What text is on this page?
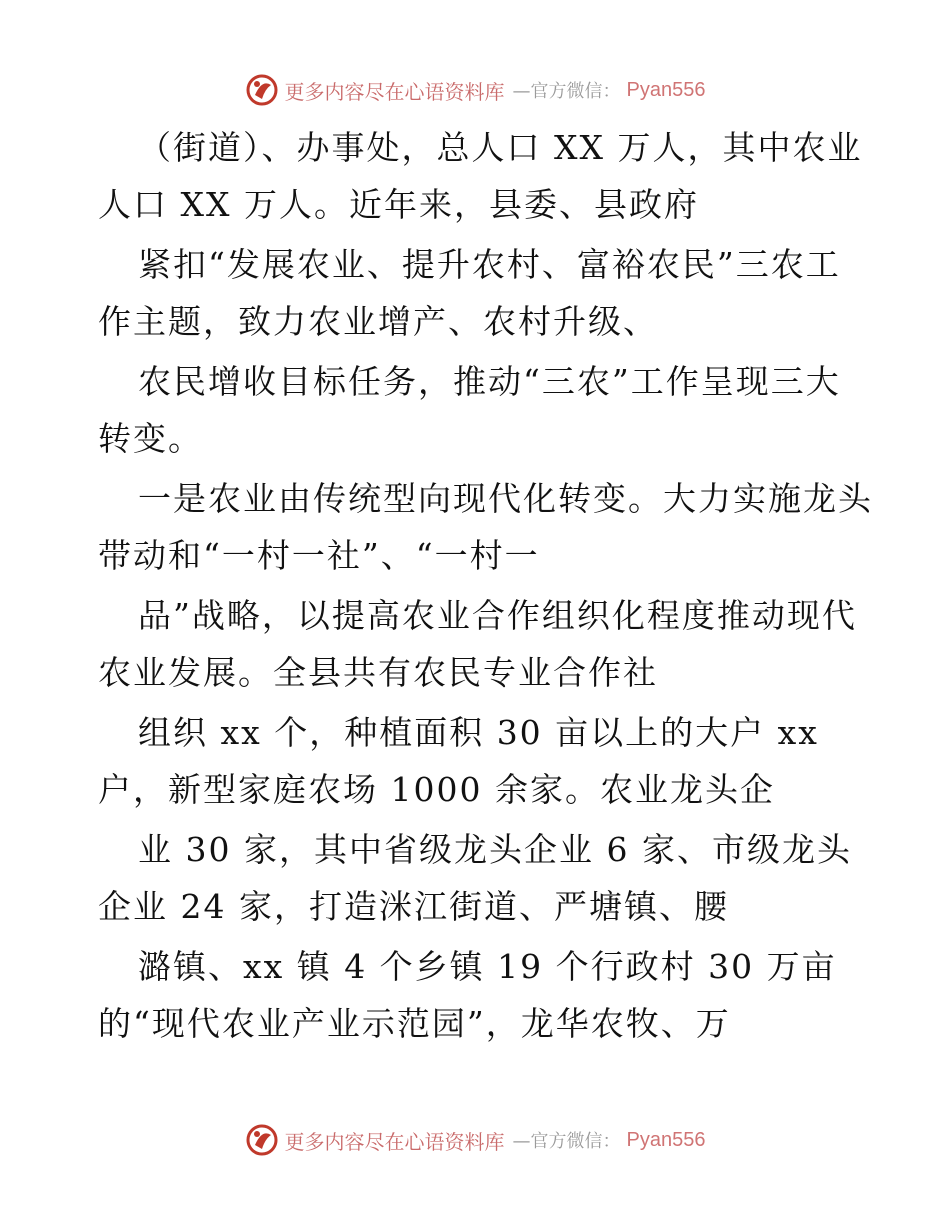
更多内容尽在心语资料库 —官方微信： Pyan556
（街道）、办事处，总人口 XX 万人，其中农业
人口 XX 万人。近年来，县委、县政府
紧扣“发展农业、提升农村、富裕农民”三农工
作主题，致力农业增产、农村升级、
农民增收目标任务，推动“三农”工作呈现三大
转变。
一是农业由传统型向现代化转变。大力实施龙头
带动和“一村一社”、“一村一
品”战略，以提高农业合作组织化程度推动现代
农业发展。全县共有农民专业合作社
组织 xx 个，种植面积 30 亩以上的大户 xx
户，新型家庭农场 1000 余家。农业龙头企
业 30 家，其中省级龙头企业 6 家、市级龙头
企业 24 家，打造洣江街道、严塘镇、腰
潞镇、xx 镇 4 个乡镇 19 个行政村 30 万亩
的“现代农业产业示范园”，龙华农牧、万
更多内容尽在心语资料库 —官方微信： Pyan556
